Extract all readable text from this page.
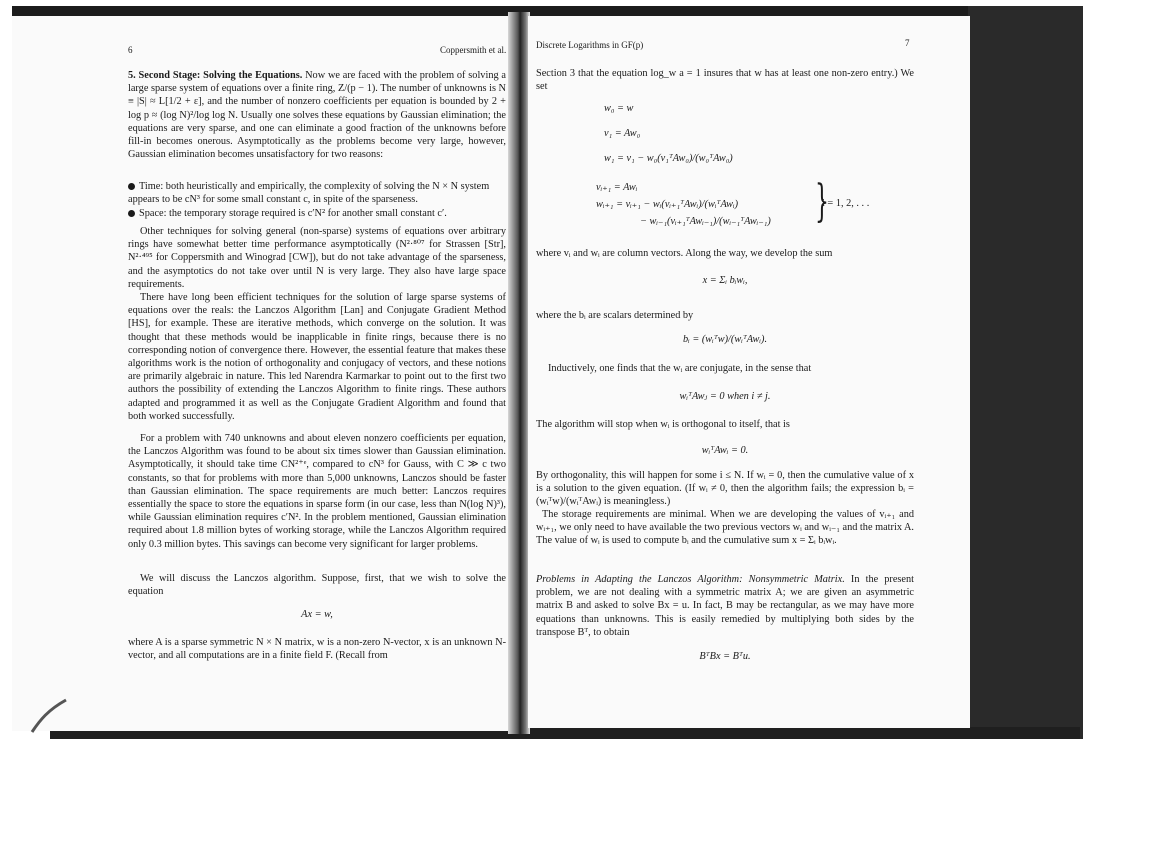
6	Coppersmith et al.

5. Second Stage: Solving the Equations. Now we are faced with the problem of solving a large sparse system of equations over a finite ring, Z/(p − 1). The number of unknowns is N ≡ |S| ≈ L[1/2 + ε], and the number of nonzero coefficients per equation is bounded by 2 + log p ≈ (log N)²/log log N. Usually one solves these equations by Gaussian elimination; the equations are very sparse, and one can eliminate a good fraction of the unknowns before fill-in becomes onerous. Asymptotically as the problems become very large, however, Gaussian elimination becomes unsatisfactory for two reasons:

Time: both heuristically and empirically, the complexity of solving the N × N system appears to be cN³ for some small constant c, in spite of the sparseness.
Space: the temporary storage required is c′N² for another small constant c′.

Other techniques for solving general (non-sparse) systems of equations over arbitrary rings have somewhat better time performance asymptotically (N²·⁸⁰⁷ for Strassen [Str], N²·⁴⁹⁵ for Coppersmith and Winograd [CW]), but do not take advantage of the sparseness, and the asymptotics do not take over until N is very large. They also have large space requirements.

There have long been efficient techniques for the solution of large sparse systems of equations over the reals: the Lanczos Algorithm [Lan] and Conjugate Gradient Method [HS], for example. These are iterative methods, which converge on the solution. It was thought that these methods would be inapplicable in finite rings, because there is no corresponding notion of convergence there. However, the essential feature that makes these algorithms work is the notion of orthogonality and conjugacy of vectors, and these notions are primarily algebraic in nature. This led Narendra Karmarkar to point out to the first two authors the possibility of extending the Lanczos Algorithm to finite rings. These authors adapted and programmed it as well as the Conjugate Gradient Algorithm and found that both worked successfully.

For a problem with 740 unknowns and about eleven nonzero coefficients per equation, the Lanczos Algorithm was found to be about six times slower than Gaussian elimination. Asymptotically, it should take time CN²⁺ᵉ, compared to cN³ for Gauss, with C ≫ c two constants, so that for problems with more than 5,000 unknowns, Lanczos should be faster than Gaussian elimination. The space requirements are much better: Lanczos requires essentially the space to store the equations in sparse form (in our case, less than N(log N)³), while Gaussian elimination requires c′N². In the problem mentioned, Gaussian elimination required about 1.8 million bytes of working storage, while the Lanczos Algorithm required only 0.3 million bytes. This savings can become very significant for larger problems.

We will discuss the Lanczos algorithm. Suppose, first, that we wish to solve the equation

Ax = w,

where A is a sparse symmetric N × N matrix, w is a non-zero N-vector, x is an unknown N-vector, and all computations are in a finite field F. (Recall from

Discrete Logarithms in GF(p)	7

Section 3 that the equation log_w a = 1 insures that w has at least one non-zero entry.) We set

w₀ = w
v₁ = Aw₀
w₁ = v₁ − w₀(v₁ᵀAw₀)/(w₀ᵀAw₀)
vᵢ₊₁ = Awᵢ
wᵢ₊₁ = vᵢ₊₁ − wᵢ(vᵢ₊₁ᵀAwᵢ)/(wᵢᵀAwᵢ)
− wᵢ₋₁(vᵢ₊₁ᵀAwᵢ₋₁)/(wᵢ₋₁ᵀAwᵢ₋₁) }
i = 1, 2, . . .

where vᵢ and wᵢ are column vectors. Along the way, we develop the sum

x = Σᵢ bᵢwᵢ,

where the bᵢ are scalars determined by

bᵢ = (wᵢᵀw)/(wᵢᵀAwᵢ).

Inductively, one finds that the wᵢ are conjugate, in the sense that

wᵢᵀAwⱼ = 0 when i ≠ j.

The algorithm will stop when wᵢ is orthogonal to itself, that is

wᵢᵀAwᵢ = 0.

By orthogonality, this will happen for some i ≤ N. If wᵢ = 0, then the cumulative value of x is a solution to the given equation. (If wᵢ ≠ 0, then the algorithm fails; the expression bᵢ = (wᵢᵀw)/(wᵢᵀAwᵢ) is meaningless.)

The storage requirements are minimal. When we are developing the values of vᵢ₊₁ and wᵢ₊₁, we only need to have available the two previous vectors wᵢ and wᵢ₋₁ and the matrix A. The value of wᵢ is used to compute bᵢ and the cumulative sum x = Σᵢ bᵢwᵢ.

Problems in Adapting the Lanczos Algorithm: Nonsymmetric Matrix. In the present problem, we are not dealing with a symmetric matrix A; we are given an asymmetric matrix B and asked to solve Bx = u. In fact, B may be rectangular, as we may have more equations than unknowns. This is easily remedied by multiplying both sides by the transpose Bᵀ, to obtain

BᵀBx = Bᵀu.
